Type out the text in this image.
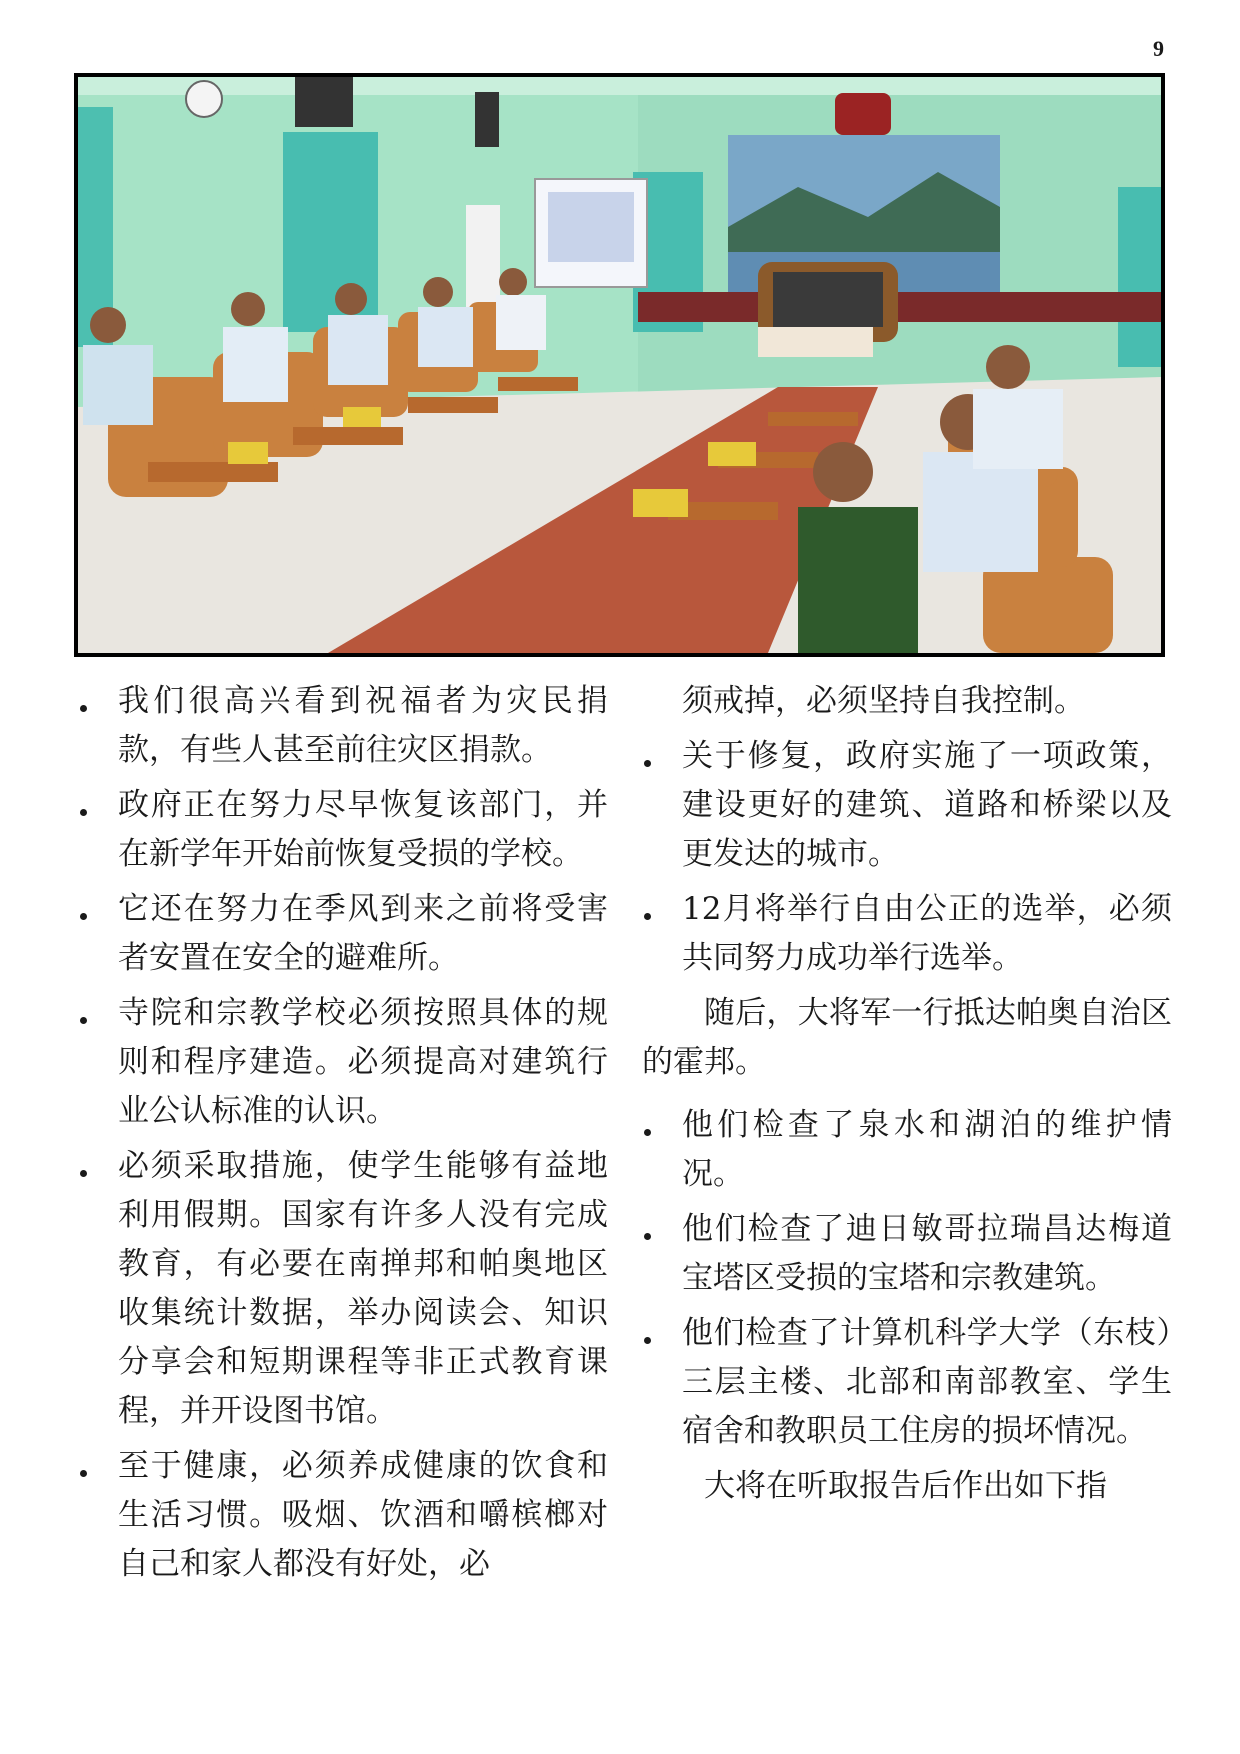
9
我们很高兴看到祝福者为灾民捐款，有些人甚至前往灾区捐款。
政府正在努力尽早恢复该部门，并在新学年开始前恢复受损的学校。
它还在努力在季风到来之前将受害者安置在安全的避难所。
寺院和宗教学校必须按照具体的规则和程序建造。必须提高对建筑行业公认标准的认识。
必须采取措施，使学生能够有益地利用假期。国家有许多人没有完成教育，有必要在南掸邦和帕奥地区收集统计数据，举办阅读会、知识分享会和短期课程等非正式教育课程，并开设图书馆。
至于健康，必须养成健康的饮食和生活习惯。吸烟、饮酒和嚼槟榔对自己和家人都没有好处，必

须戒掉，必须坚持自我控制。

关于修复，政府实施了一项政策，建设更好的建筑、道路和桥梁以及更发达的城市。
12月将举行自由公正的选举，必须共同努力成功举行选举。

随后，大将军一行抵达帕奥自治区的霍邦。

他们检查了泉水和湖泊的维护情况。
他们检查了迪日敏哥拉瑞昌达梅道宝塔区受损的宝塔和宗教建筑。
他们检查了计算机科学大学（东枝）三层主楼、北部和南部教室、学生宿舍和教职员工住房的损坏情况。

大将在听取报告后作出如下指
